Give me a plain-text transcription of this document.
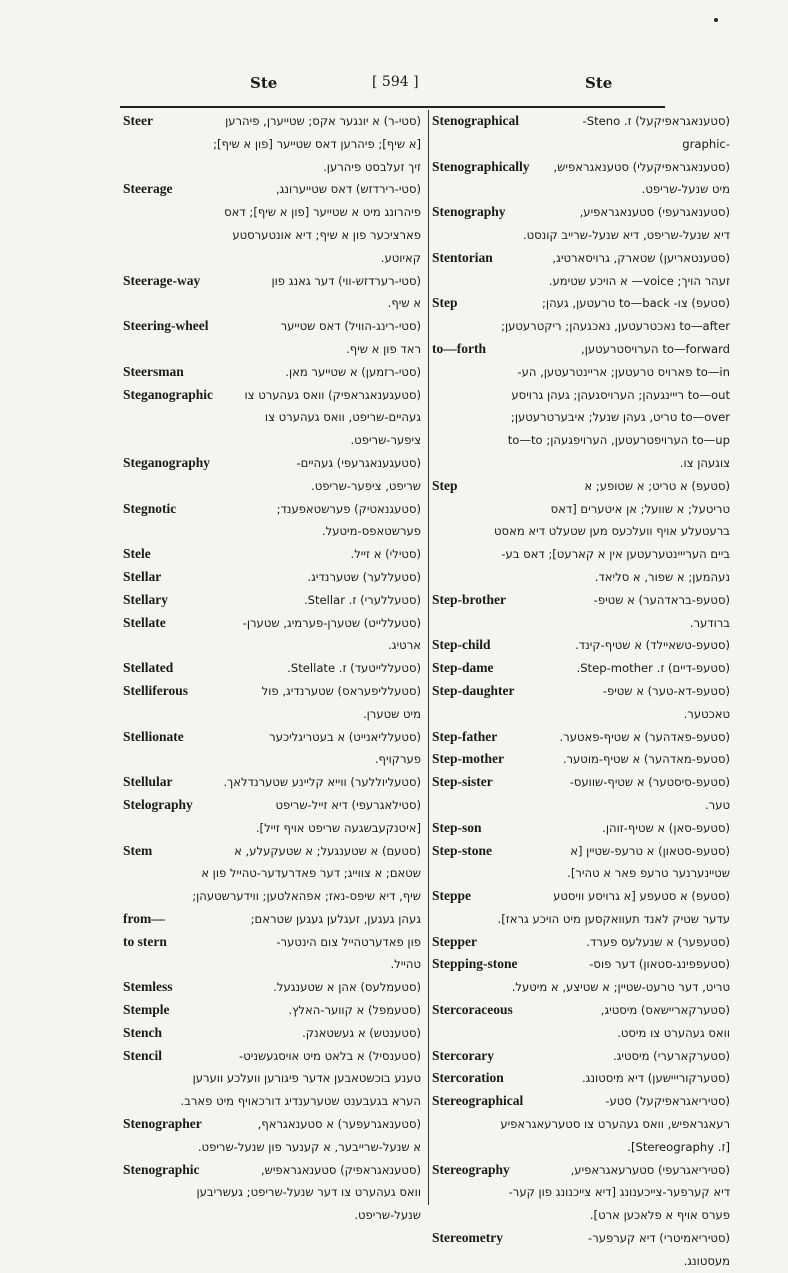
Ste	[ 594 ]	Ste
Steer	(סטי-ר) א יונגער אקס; שטייערן, פיהרען
[א שיף]; פיהרען דאס שטייער [פון א שיף];
זיך זעלבסט פיהרען.
Steerage	(סטי-רירדזש) דאס שטייערונג,
פיהרונג מיט א שטייער [פון א שיף]; דאס
פארציכער פון א שיף; דיא אונטערסטע
קאיוטע.
Steerage-way	(סטי-רערדזש-ווי) דער גאנג פון
א שיף.
Steering-wheel	(סטי-רינג-הוויל) דאס שטייער
ראד פון א שיף.
Steersman	(סטי-רזמען) א שטייער מאן.
Steganographic	(סטעגענאגראפיק) וואס געהערט צו
געהיים-שריפט, וואס געהערט צו
ציפער-שריפט.
Steganography	(סטעגענאגרעפי) געהיים-
שריפט, ציפער-שריפט.
Stegnotic	(סטעגנאטיק) פערשטאפענד;
פערשטאפס-מיטעל.
Stele	(סטילי) א זייל.
Stellar	(סטעללער) שטערנדיג.
Stellary	(סטעללערי) ז. Stellar.
Stellate	(סטעללייט) שטערן-פערמיג, שטערן-
ארטיג.
Stellated	(סטעללייטעד) ז. Stellate.
Stelliferous	(סטעלליפעראס) שטערנדיג, פול
מיט שטערן.
Stellionate	(סטעלליאנייט) א בעטריגליכער
פערקויף.
Stellular	(סטעליוללער) ווייא קליינע שטערנדלאך.
Stelography	(סטילאגרעפי) דיא זייל-שריפט
[איטנקעבשגעה שריפט אויף זייל].
Stem	(סטעם) א שטענגעל; א שטעקעלע, א
שטאם; א צווייג; דער פאדרעדער-טהייל פון א
שיף, דיא שיפס-נאז; אפהאלטען; ווידערשטעהן;
from—	געהן געגען, זעגלען געגען שטראם;
to stern	פון פאדערטהייל צום הינטער-
טהייל.
Stemless	(סטעמלעס) אהן א שטענגעל.
Stemple	(סטעמפל) א קווער-האלץ.
Stench	(סטענטש) א געשטאנק.
Stencil	(סטענסיל) א בלאט מיט אויסגעשניט-
טענע בוכשטאבען אדער פיגורען וועלכע ווערען
הערא בגעבענט שטערענדיג דורכאויף מיט פארב.
Stenographer	(סטענאגרעפער) א סטענאגראף,
א שנעל-שרייבער, א קענער פון שנעל-שריפט.
Stenographic	(סטענאגראפיק) סטענאגראפיש,
וואס געהערט צו דער שנעל-שריפט; געשריבען
שנעל-שריפט.
Stenographical	(סטענאגראפיקעל) ז. Steno-
-graphic
Stenographically (סטענאגראפיקעלי) סטענאגראפיש,
מיט שנעל-שריפט.
Stenography	(סטענאגרעפי) סטענאגראפיע,
דיא שנעל-שריפט, דיא שנעל-שרייב קונסט.
Stentorian	(סטענטאריען) שטארק, גרויסארטיג,
זעהר הויך; voice— א הויכע שטימע.
Step	(סטעפ) צו- to—back טרעטען, געהן;
to—after נאכטרעטען, נאכגעהן; ריקטרעטען;
to—forth	to—forward הערויסטרעטען,
to—in פארויס טרעטען; אריינטרעטען, הע-
to—out רייינגעהן; הערויסגעהן; געהן גרויסע
to—over טריט, געהן שנעל; איבערטרעטען;
to—up הערויפטרעטען, הערויפגעהן; to—to
צוגעהן צו.
Step	(סטעפ) א טריט; א שטופע; א
טריטעל; א שוועל; אן איטערים [דאס
ברעטעלע אויף וועלכעס מען שטעלט דיא מאסט
ביים הערייינטערעטען אין א קארעט]; דאס בע-
נעהמען; א שפור, א סליאד.
Step-brother	(סטעפ-בראדהער) א שטיפ-
ברודער.
Step-child	(סטעפ-טשאיילד) א שטיף-קינד.
Step-dame	(סטעפ-דיים) ז. Step-mother.
Step-daughter	(סטעפ-דא-טער) א שטיפ-
טאכטער.
Step-father	(סטעפ-פאדהער) א שטיף-פאטער.
Step-mother	(סטעפ-מאדהער) א שטיף-מוטער.
Step-sister	(סטעפ-סיסטער) א שטיף-שוועס-
טער.
Step-son	(סטעפ-סאן) א שטיף-זוהן.
Step-stone	(סטעפ-סטאון) א טרעפ-שטיין [א
שטיינערנער טרעפ פאר א טהיר].
Steppe	(סטעפ) א סטעפע [א גרויסע וויסטע
עדער שטיק לאנד תעוואקסען מיט הויכע גראז].
Stepper	(סטעפער) א שנעלעס פערד.
Stepping-stone	(סטעפפינג-סטאון) דער פוס-
טריט, דער טרעט-שטיין; א שטיצע, א מיטעל.
Stercoraceous	(סטערקאריישאס) מיסטיג,
וואס געהערט צו מיסט.
Stercorary	(סטערקארערי) מיסטיג.
Stercoration	(סטערקורייישען) דיא מיסטונג.
Stereographical	(סטיריאגראפיקעל) סטע-
רעאגראפיש, וואס געהערט צו סטערעאגראפיע
[ז. Stereography].
Stereography	(סטיריאגרעפי) סטערעאגראפיע,
דיא קערפער-צייכענונג [דיא צייכנונג פון קער-
פערס אויף א פלאכען ארט].
Stereometry	(סטיריאמיטרי) דיא קערפער-
מעסטונג.
